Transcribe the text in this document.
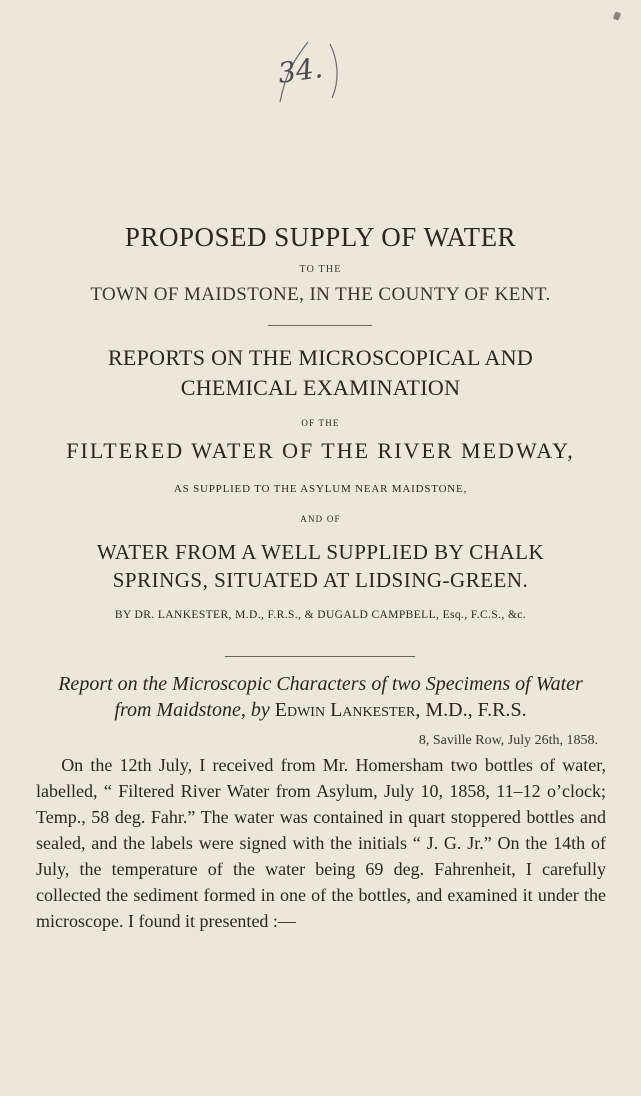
34.
PROPOSED SUPPLY OF WATER
TO THE
TOWN OF MAIDSTONE, IN THE COUNTY OF KENT.
REPORTS ON THE MICROSCOPICAL AND
CHEMICAL EXAMINATION
OF THE
FILTERED WATER OF THE RIVER MEDWAY,
AS SUPPLIED TO THE ASYLUM NEAR MAIDSTONE,
AND OF
WATER FROM A WELL SUPPLIED BY CHALK
SPRINGS, SITUATED AT LIDSING-GREEN.
BY DR. LANKESTER, M.D., F.R.S., & DUGALD CAMPBELL, Esq., F.C.S., &c.
Report on the Microscopic Characters of two Specimens of Water
from Maidstone, by Edwin Lankester, M.D., F.R.S.
8, Saville Row, July 26th, 1858.
On the 12th July, I received from Mr. Homersham two bottles of water, labelled, “ Filtered River Water from Asylum, July 10, 1858, 11–12 o’clock; Temp., 58 deg. Fahr.” The water was contained in quart stoppered bottles and sealed, and the labels were signed with the initials “ J. G. Jr.” On the 14th of July, the temperature of the water being 69 deg. Fahrenheit, I carefully collected the sediment formed in one of the bottles, and examined it under the microscope. I found it presented :—
